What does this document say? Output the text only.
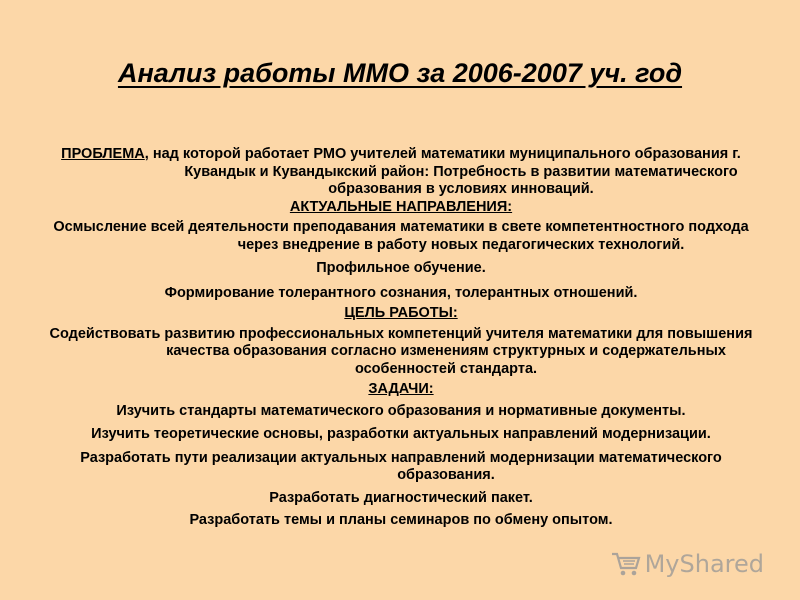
Анализ работы ММО за 2006-2007 уч. год

ПРОБЛЕМА, над которой работает РМО учителей математики муниципального образования г. Кувандык и Кувандыкский район: Потребность в развитии математического образования в условиях инноваций.

АКТУАЛЬНЫЕ НАПРАВЛЕНИЯ:

Осмысление всей деятельности преподавания математики в свете компетентностного подхода через внедрение в работу новых педагогических технологий.

Профильное обучение.

Формирование толерантного сознания, толерантных отношений.

ЦЕЛЬ РАБОТЫ:

Содействовать развитию профессиональных компетенций учителя математики для повышения качества образования согласно изменениям структурных и содержательных особенностей стандарта.

ЗАДАЧИ:

Изучить стандарты математического образования и нормативные документы.

Изучить теоретические основы, разработки актуальных направлений модернизации.

Разработать пути реализации актуальных направлений модернизации математического образования.

Разработать диагностический пакет.

Разработать темы и планы семинаров по обмену опытом.

MyShared
